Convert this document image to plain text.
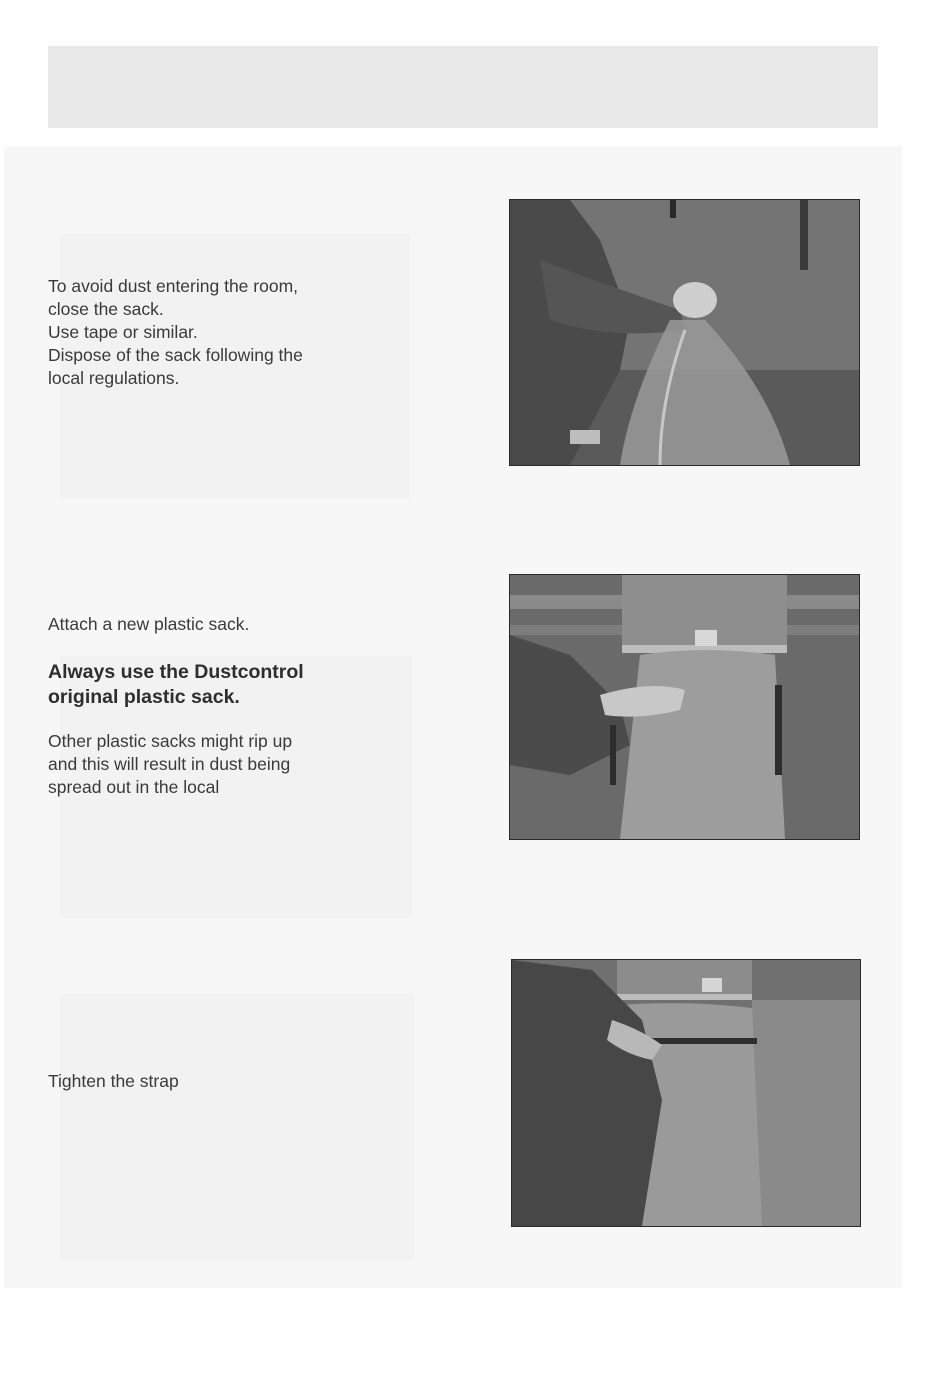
To avoid dust entering the room,

close the sack.

Use tape or similar.

Dispose of the sack following the

local regulations.

Attach a new plastic sack.

Always use the Dustcontrol

original plastic sack.

Other plastic sacks might rip up

and this will result in dust being

spread out in the local

Tighten the strap
